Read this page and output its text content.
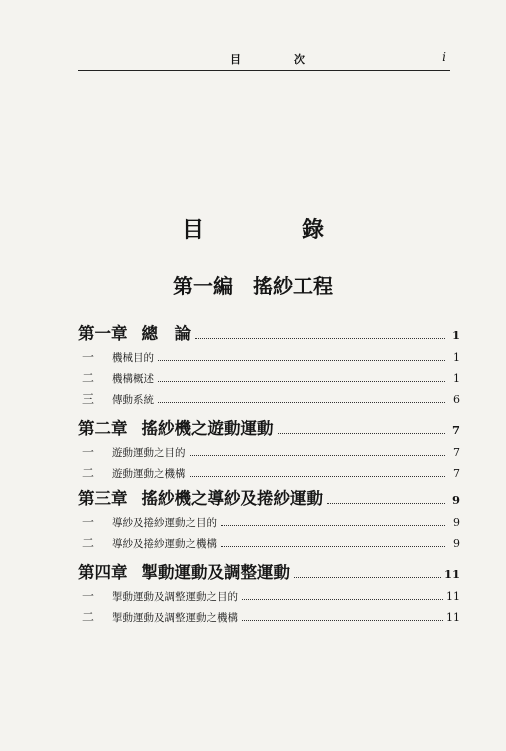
目	次	i
目　錄
第一編 搖紗工程
第一章 總　論	1
一	機械目的	1
二	機構概述	1
三	傳動系統	6
第二章 搖紗機之遊動運動	7
一	遊動運動之目的	7
二	遊動運動之機構	7
第三章 搖紗機之導紗及捲紗運動	9
一	導紗及捲紗運動之目的	9
二	導紗及捲紗運動之機構	9
第四章 掣動運動及調整運動	11
一	掣動運動及調整運動之目的	11
二	掣動運動及調整運動之機構	11
